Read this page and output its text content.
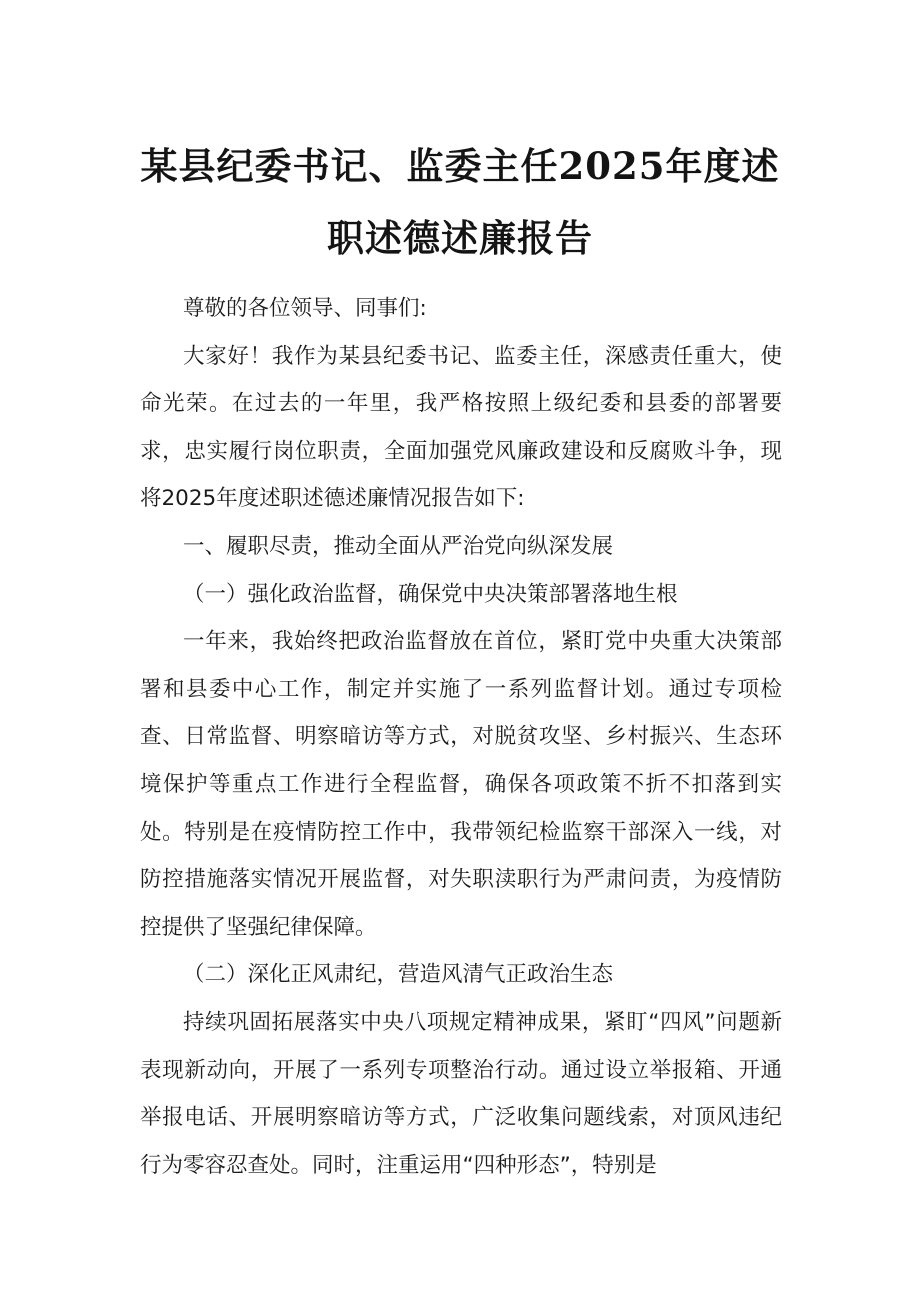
某县纪委书记、监委主任2025年度述
职述德述廉报告

尊敬的各位领导、同事们:

大家好！我作为某县纪委书记、监委主任，深感责任重大，使命光荣。在过去的一年里，我严格按照上级纪委和县委的部署要求，忠实履行岗位职责，全面加强党风廉政建设和反腐败斗争，现将2025年度述职述德述廉情况报告如下:

一、履职尽责，推动全面从严治党向纵深发展

（一）强化政治监督，确保党中央决策部署落地生根

一年来，我始终把政治监督放在首位，紧盯党中央重大决策部署和县委中心工作，制定并实施了一系列监督计划。通过专项检查、日常监督、明察暗访等方式，对脱贫攻坚、乡村振兴、生态环境保护等重点工作进行全程监督，确保各项政策不折不扣落到实处。特别是在疫情防控工作中，我带领纪检监察干部深入一线，对防控措施落实情况开展监督，对失职渎职行为严肃问责，为疫情防控提供了坚强纪律保障。

（二）深化正风肃纪，营造风清气正政治生态

持续巩固拓展落实中央八项规定精神成果，紧盯“四风”问题新表现新动向，开展了一系列专项整治行动。通过设立举报箱、开通举报电话、开展明察暗访等方式，广泛收集问题线索，对顶风违纪行为零容忍查处。同时，注重运用“四种形态”，特别是
